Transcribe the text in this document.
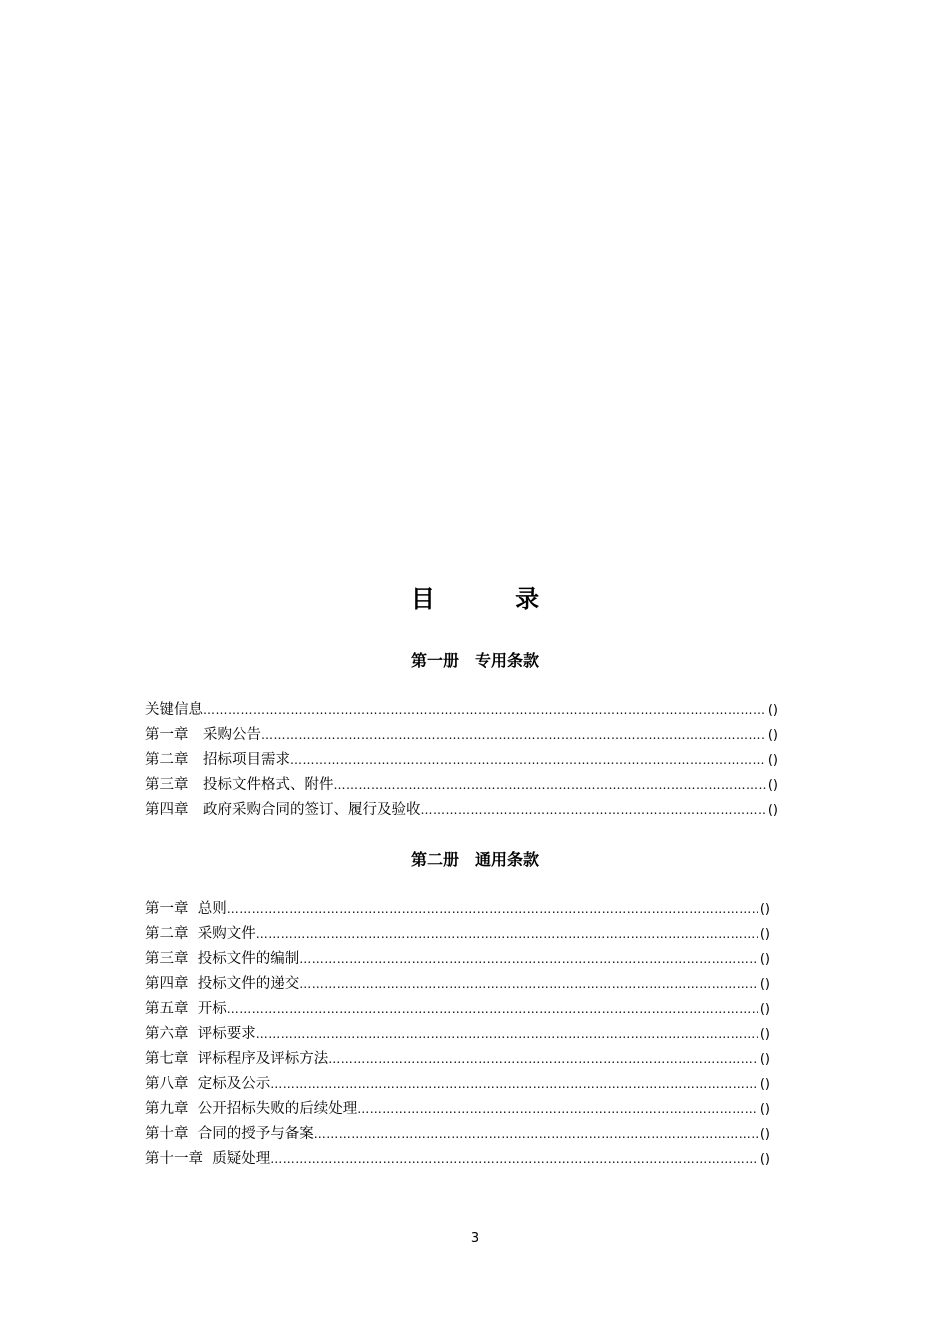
目 录
第一册　专用条款
关键信息 ……………………………………………………………………………………………………………………………………………………………………………………………………………………………………………………………………………………	()
第一章　采购公告 ……………………………………………………………………………………………………………………………………………………………………………………………………………………………………………………………………………………	()
第二章　招标项目需求 ……………………………………………………………………………………………………………………………………………………………………………………………………………………………………………………………………………………	()
第三章　投标文件格式、附件 ……………………………………………………………………………………………………………………………………………………………………………………………………………………………………………………………………………………	()
第四章　政府采购合同的签订、履行及验收 ……………………………………………………………………………………………………………………………………………………………………………………………………………………………………………………………………………………	()
第二册　通用条款
第一章  总则 ……………………………………………………………………………………………………………………………………………………………………………………………………………………………………………………………………………………	()
第二章  采购文件 ……………………………………………………………………………………………………………………………………………………………………………………………………………………………………………………………………………………	()
第三章  投标文件的编制 ……………………………………………………………………………………………………………………………………………………………………………………………………………………………………………………………………………………	()
第四章  投标文件的递交 ……………………………………………………………………………………………………………………………………………………………………………………………………………………………………………………………………………………	()
第五章  开标 ……………………………………………………………………………………………………………………………………………………………………………………………………………………………………………………………………………………	()
第六章  评标要求 ……………………………………………………………………………………………………………………………………………………………………………………………………………………………………………………………………………………	()
第七章  评标程序及评标方法 ……………………………………………………………………………………………………………………………………………………………………………………………………………………………………………………………………………………	()
第八章  定标及公示 ……………………………………………………………………………………………………………………………………………………………………………………………………………………………………………………………………………………	()
第九章  公开招标失败的后续处理 ……………………………………………………………………………………………………………………………………………………………………………………………………………………………………………………………………………………	()
第十章  合同的授予与备案 ……………………………………………………………………………………………………………………………………………………………………………………………………………………………………………………………………………………	()
第十一章  质疑处理 ……………………………………………………………………………………………………………………………………………………………………………………………………………………………………………………………………………………	()
3
